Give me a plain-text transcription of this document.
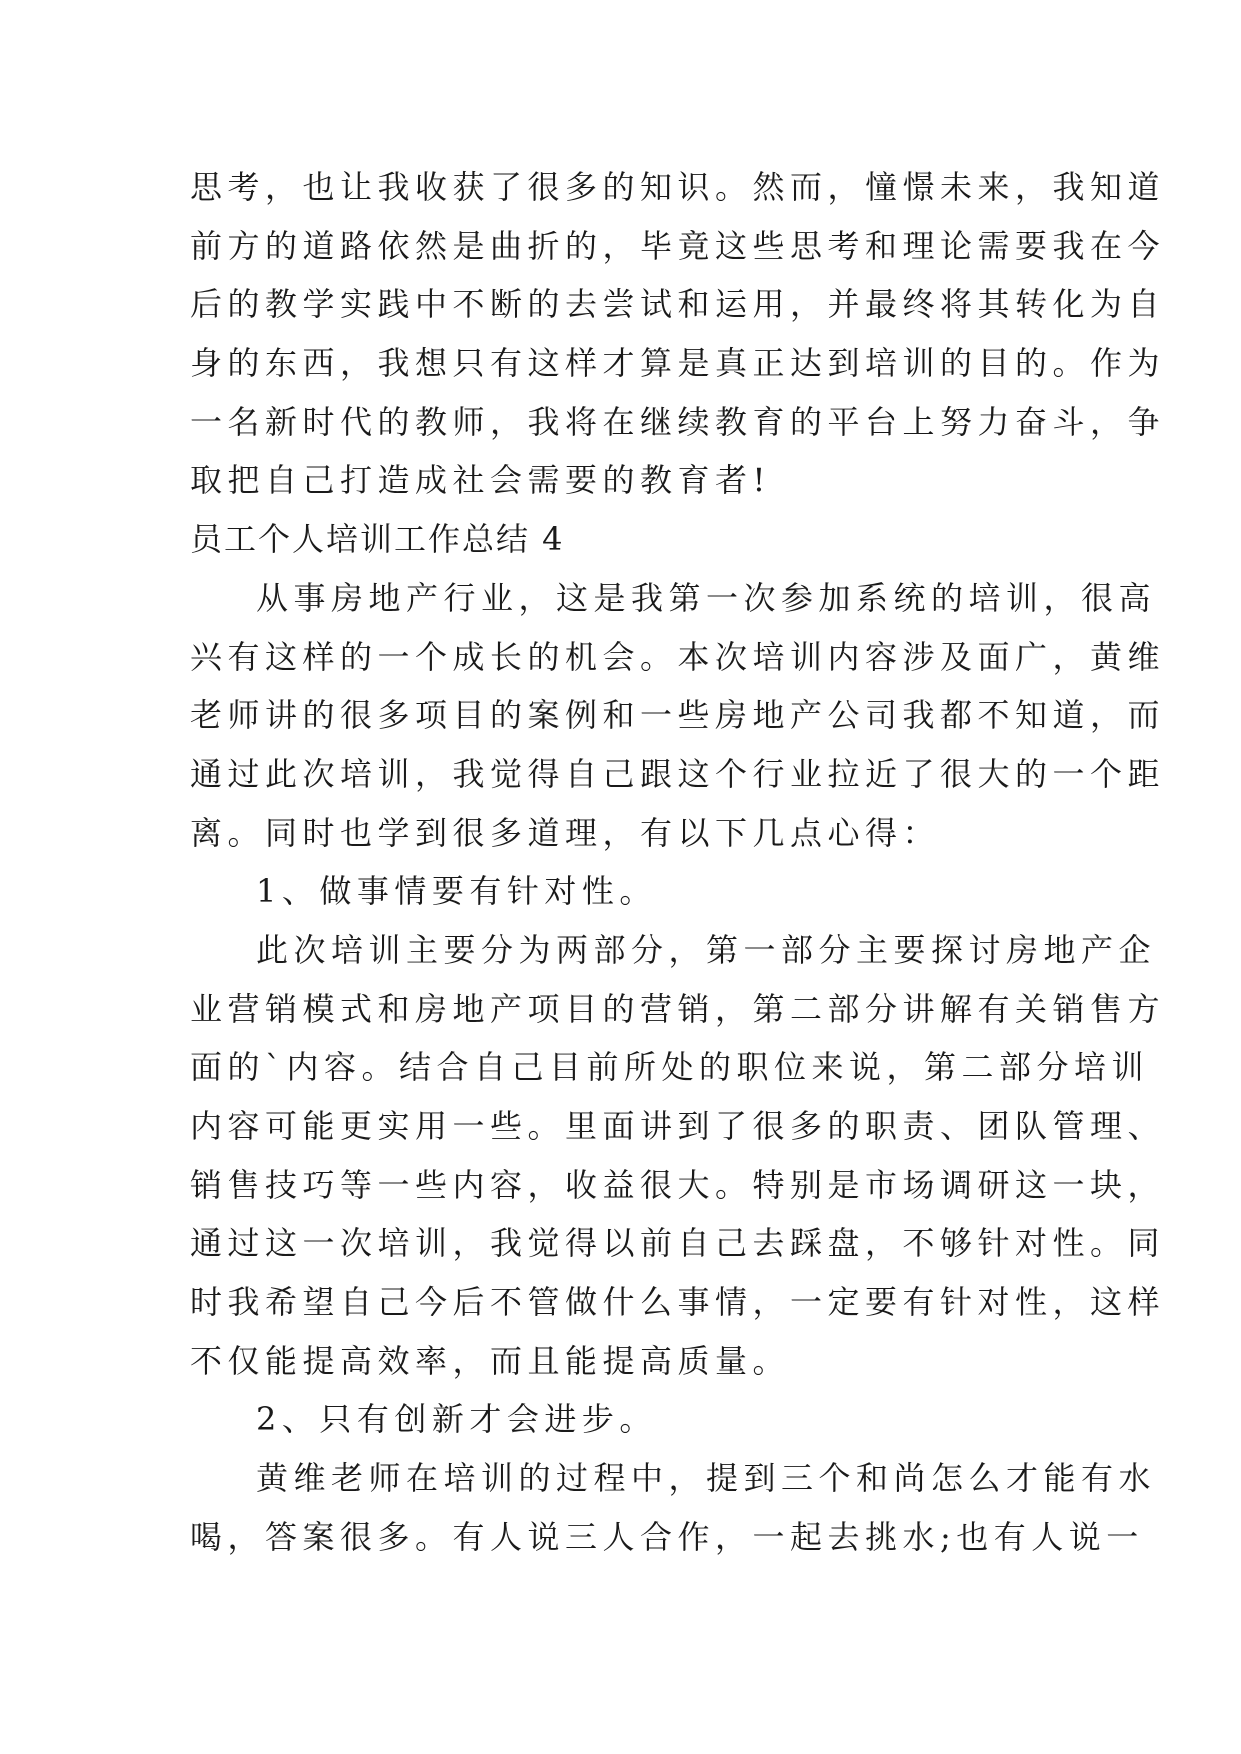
思考，也让我收获了很多的知识。然而，憧憬未来，我知道
前方的道路依然是曲折的，毕竟这些思考和理论需要我在今
后的教学实践中不断的去尝试和运用，并最终将其转化为自
身的东西，我想只有这样才算是真正达到培训的目的。作为
一名新时代的教师，我将在继续教育的平台上努力奋斗，争
取把自己打造成社会需要的教育者!
员工个人培训工作总结 4
从事房地产行业，这是我第一次参加系统的培训，很高
兴有这样的一个成长的机会。本次培训内容涉及面广，黄维
老师讲的很多项目的案例和一些房地产公司我都不知道，而
通过此次培训，我觉得自己跟这个行业拉近了很大的一个距
离。同时也学到很多道理，有以下几点心得：
1、做事情要有针对性。
此次培训主要分为两部分，第一部分主要探讨房地产企
业营销模式和房地产项目的营销，第二部分讲解有关销售方
面的`内容。结合自己目前所处的职位来说，第二部分培训
内容可能更实用一些。里面讲到了很多的职责、团队管理、
销售技巧等一些内容，收益很大。特别是市场调研这一块，
通过这一次培训，我觉得以前自己去踩盘，不够针对性。同
时我希望自己今后不管做什么事情，一定要有针对性，这样
不仅能提高效率，而且能提高质量。
2、只有创新才会进步。
黄维老师在培训的过程中，提到三个和尚怎么才能有水
喝，答案很多。有人说三人合作，一起去挑水;也有人说一
